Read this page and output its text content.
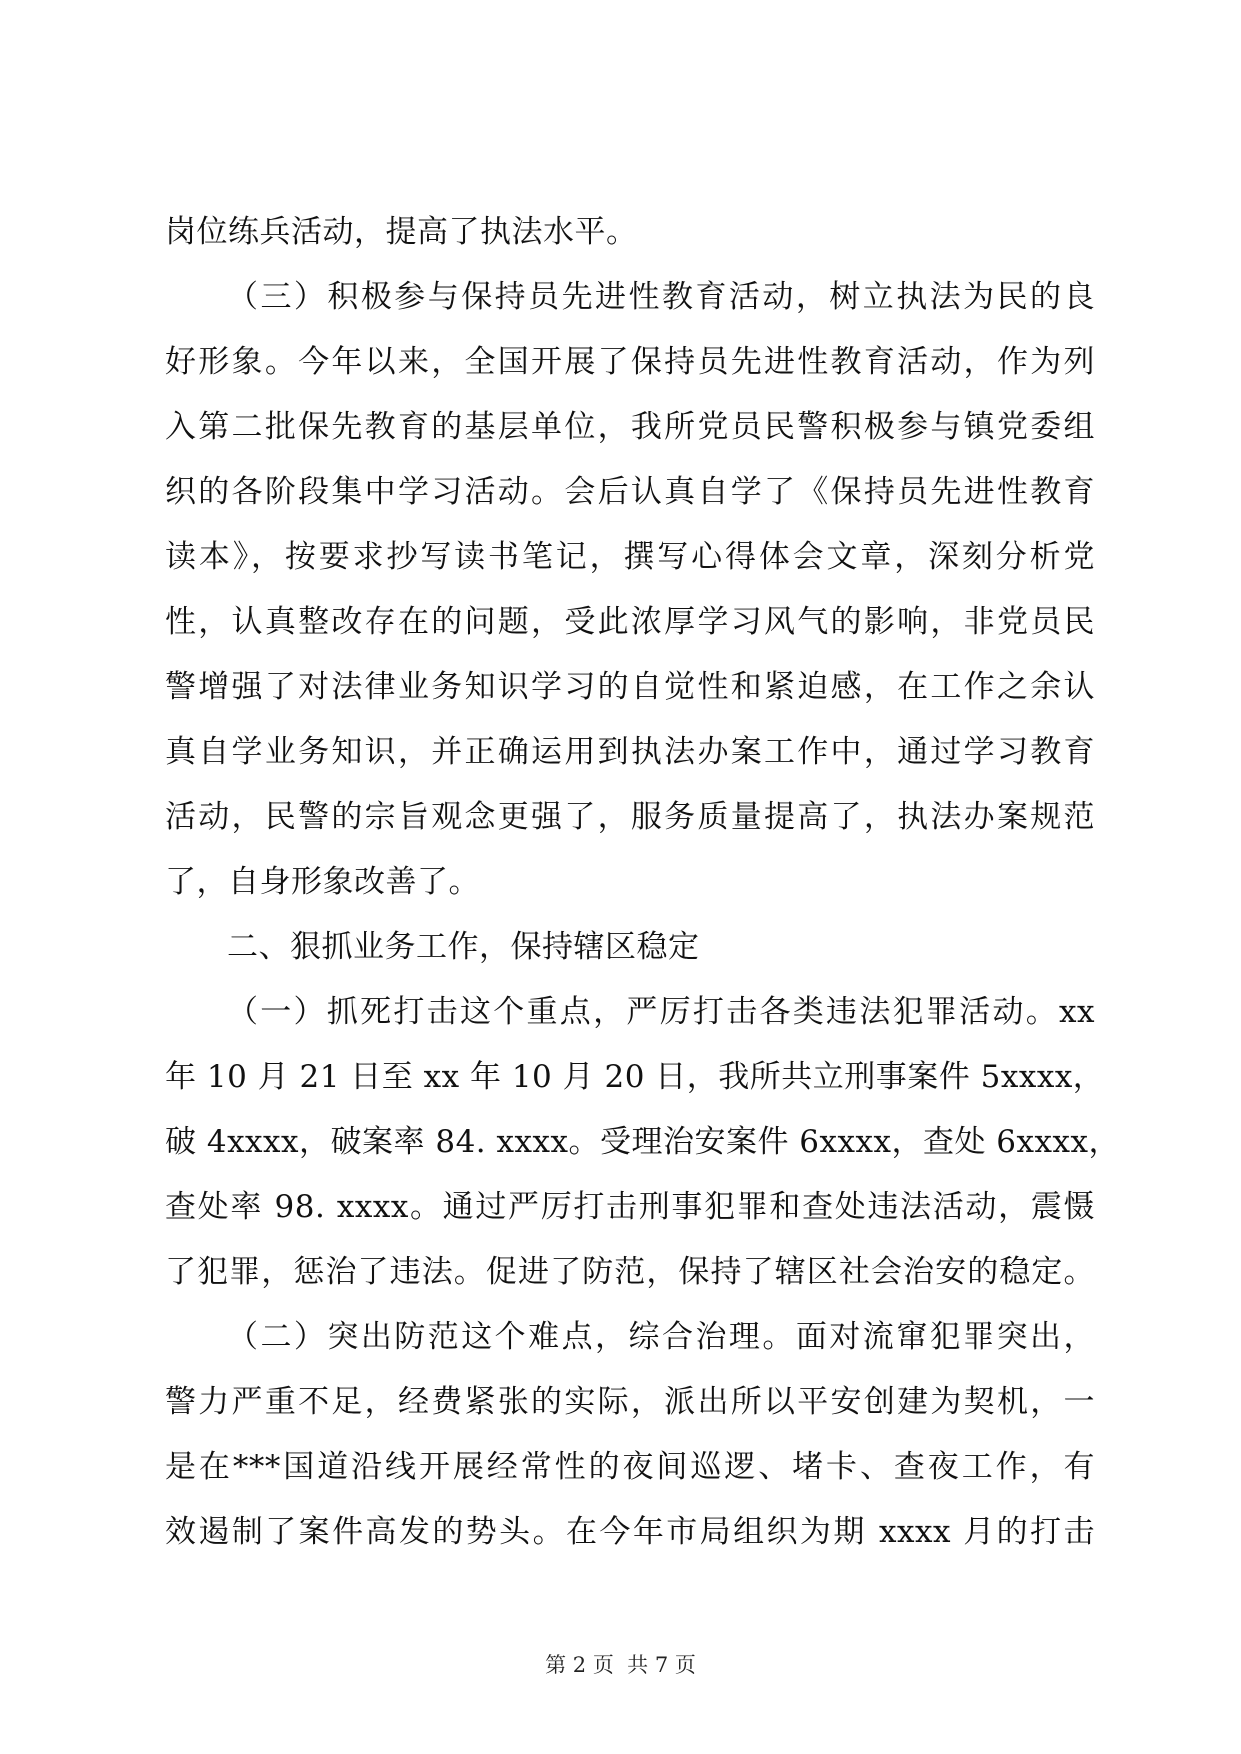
岗位练兵活动，提高了执法水平。
（三）积极参与保持员先进性教育活动，树立执法为民的良
好形象。今年以来，全国开展了保持员先进性教育活动，作为列
入第二批保先教育的基层单位，我所党员民警积极参与镇党委组
织的各阶段集中学习活动。会后认真自学了《保持员先进性教育
读本》，按要求抄写读书笔记，撰写心得体会文章，深刻分析党
性，认真整改存在的问题，受此浓厚学习风气的影响，非党员民
警增强了对法律业务知识学习的自觉性和紧迫感，在工作之余认
真自学业务知识，并正确运用到执法办案工作中，通过学习教育
活动，民警的宗旨观念更强了，服务质量提高了，执法办案规范
了，自身形象改善了。
二、狠抓业务工作，保持辖区稳定
（一）抓死打击这个重点，严厉打击各类违法犯罪活动。xx
年 10 月 21 日至 xx 年 10 月 20 日，我所共立刑事案件 5xxxx，
破 4xxxx，破案率 84. xxxx。受理治安案件 6xxxx，查处 6xxxx，
查处率 98. xxxx。通过严厉打击刑事犯罪和查处违法活动，震慑
了犯罪，惩治了违法。促进了防范，保持了辖区社会治安的稳定。
（二）突出防范这个难点，综合治理。面对流窜犯罪突出，
警力严重不足，经费紧张的实际，派出所以平安创建为契机，一
是在***国道沿线开展经常性的夜间巡逻、堵卡、查夜工作，有
效遏制了案件高发的势头。在今年市局组织为期 xxxx 月的打击
第 2 页  共 7 页
